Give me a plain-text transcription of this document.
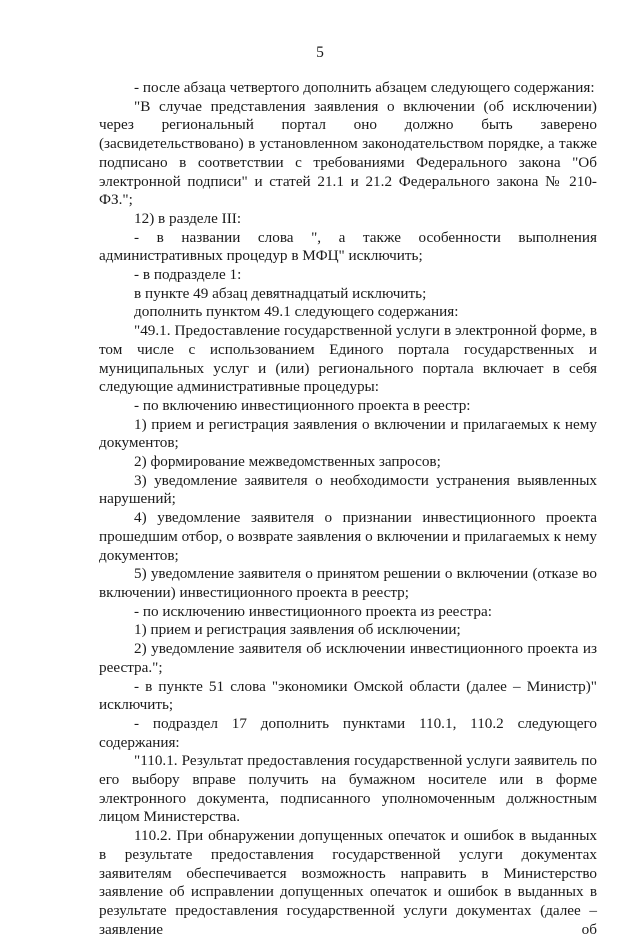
5

- после абзаца четвертого дополнить абзацем следующего содержания:

"В случае представления заявления о включении (об исключении) через региональный портал оно должно быть заверено (засвидетельствовано) в установленном законодательством порядке, а также подписано в соответствии с требованиями Федерального закона "Об электронной подписи" и статей 21.1 и 21.2 Федерального закона № 210-ФЗ.";

12) в разделе III:

- в названии слова ", а также особенности выполнения административных процедур в МФЦ" исключить;

- в подразделе 1:

в пункте 49 абзац девятнадцатый исключить;

дополнить пунктом 49.1 следующего содержания:

"49.1. Предоставление государственной услуги в электронной форме, в том числе с использованием Единого портала государственных и муниципальных услуг и (или) регионального портала включает в себя следующие административные процедуры:

- по включению инвестиционного проекта в реестр:

1) прием и регистрация заявления о включении и прилагаемых к нему документов;

2) формирование межведомственных запросов;

3) уведомление заявителя о необходимости устранения выявленных нарушений;

4) уведомление заявителя о признании инвестиционного проекта прошедшим отбор, о возврате заявления о включении и прилагаемых к нему документов;

5) уведомление заявителя о принятом решении о включении (отказе во включении) инвестиционного проекта в реестр;

- по исключению инвестиционного проекта из реестра:

1) прием и регистрация заявления об исключении;

2) уведомление заявителя об исключении инвестиционного проекта из реестра.";

- в пункте 51 слова "экономики Омской области (далее – Министр)" исключить;

- подраздел 17 дополнить пунктами 110.1, 110.2 следующего содержания:

"110.1. Результат предоставления государственной услуги заявитель по его выбору вправе получить на бумажном носителе или в форме электронного документа, подписанного уполномоченным должностным лицом Министерства.

110.2. При обнаружении допущенных опечаток и ошибок в выданных в результате предоставления государственной услуги документах заявителям обеспечивается возможность направить в Министерство заявление об исправлении допущенных опечаток и ошибок в выданных в результате предоставления государственной услуги документах (далее – заявление об
